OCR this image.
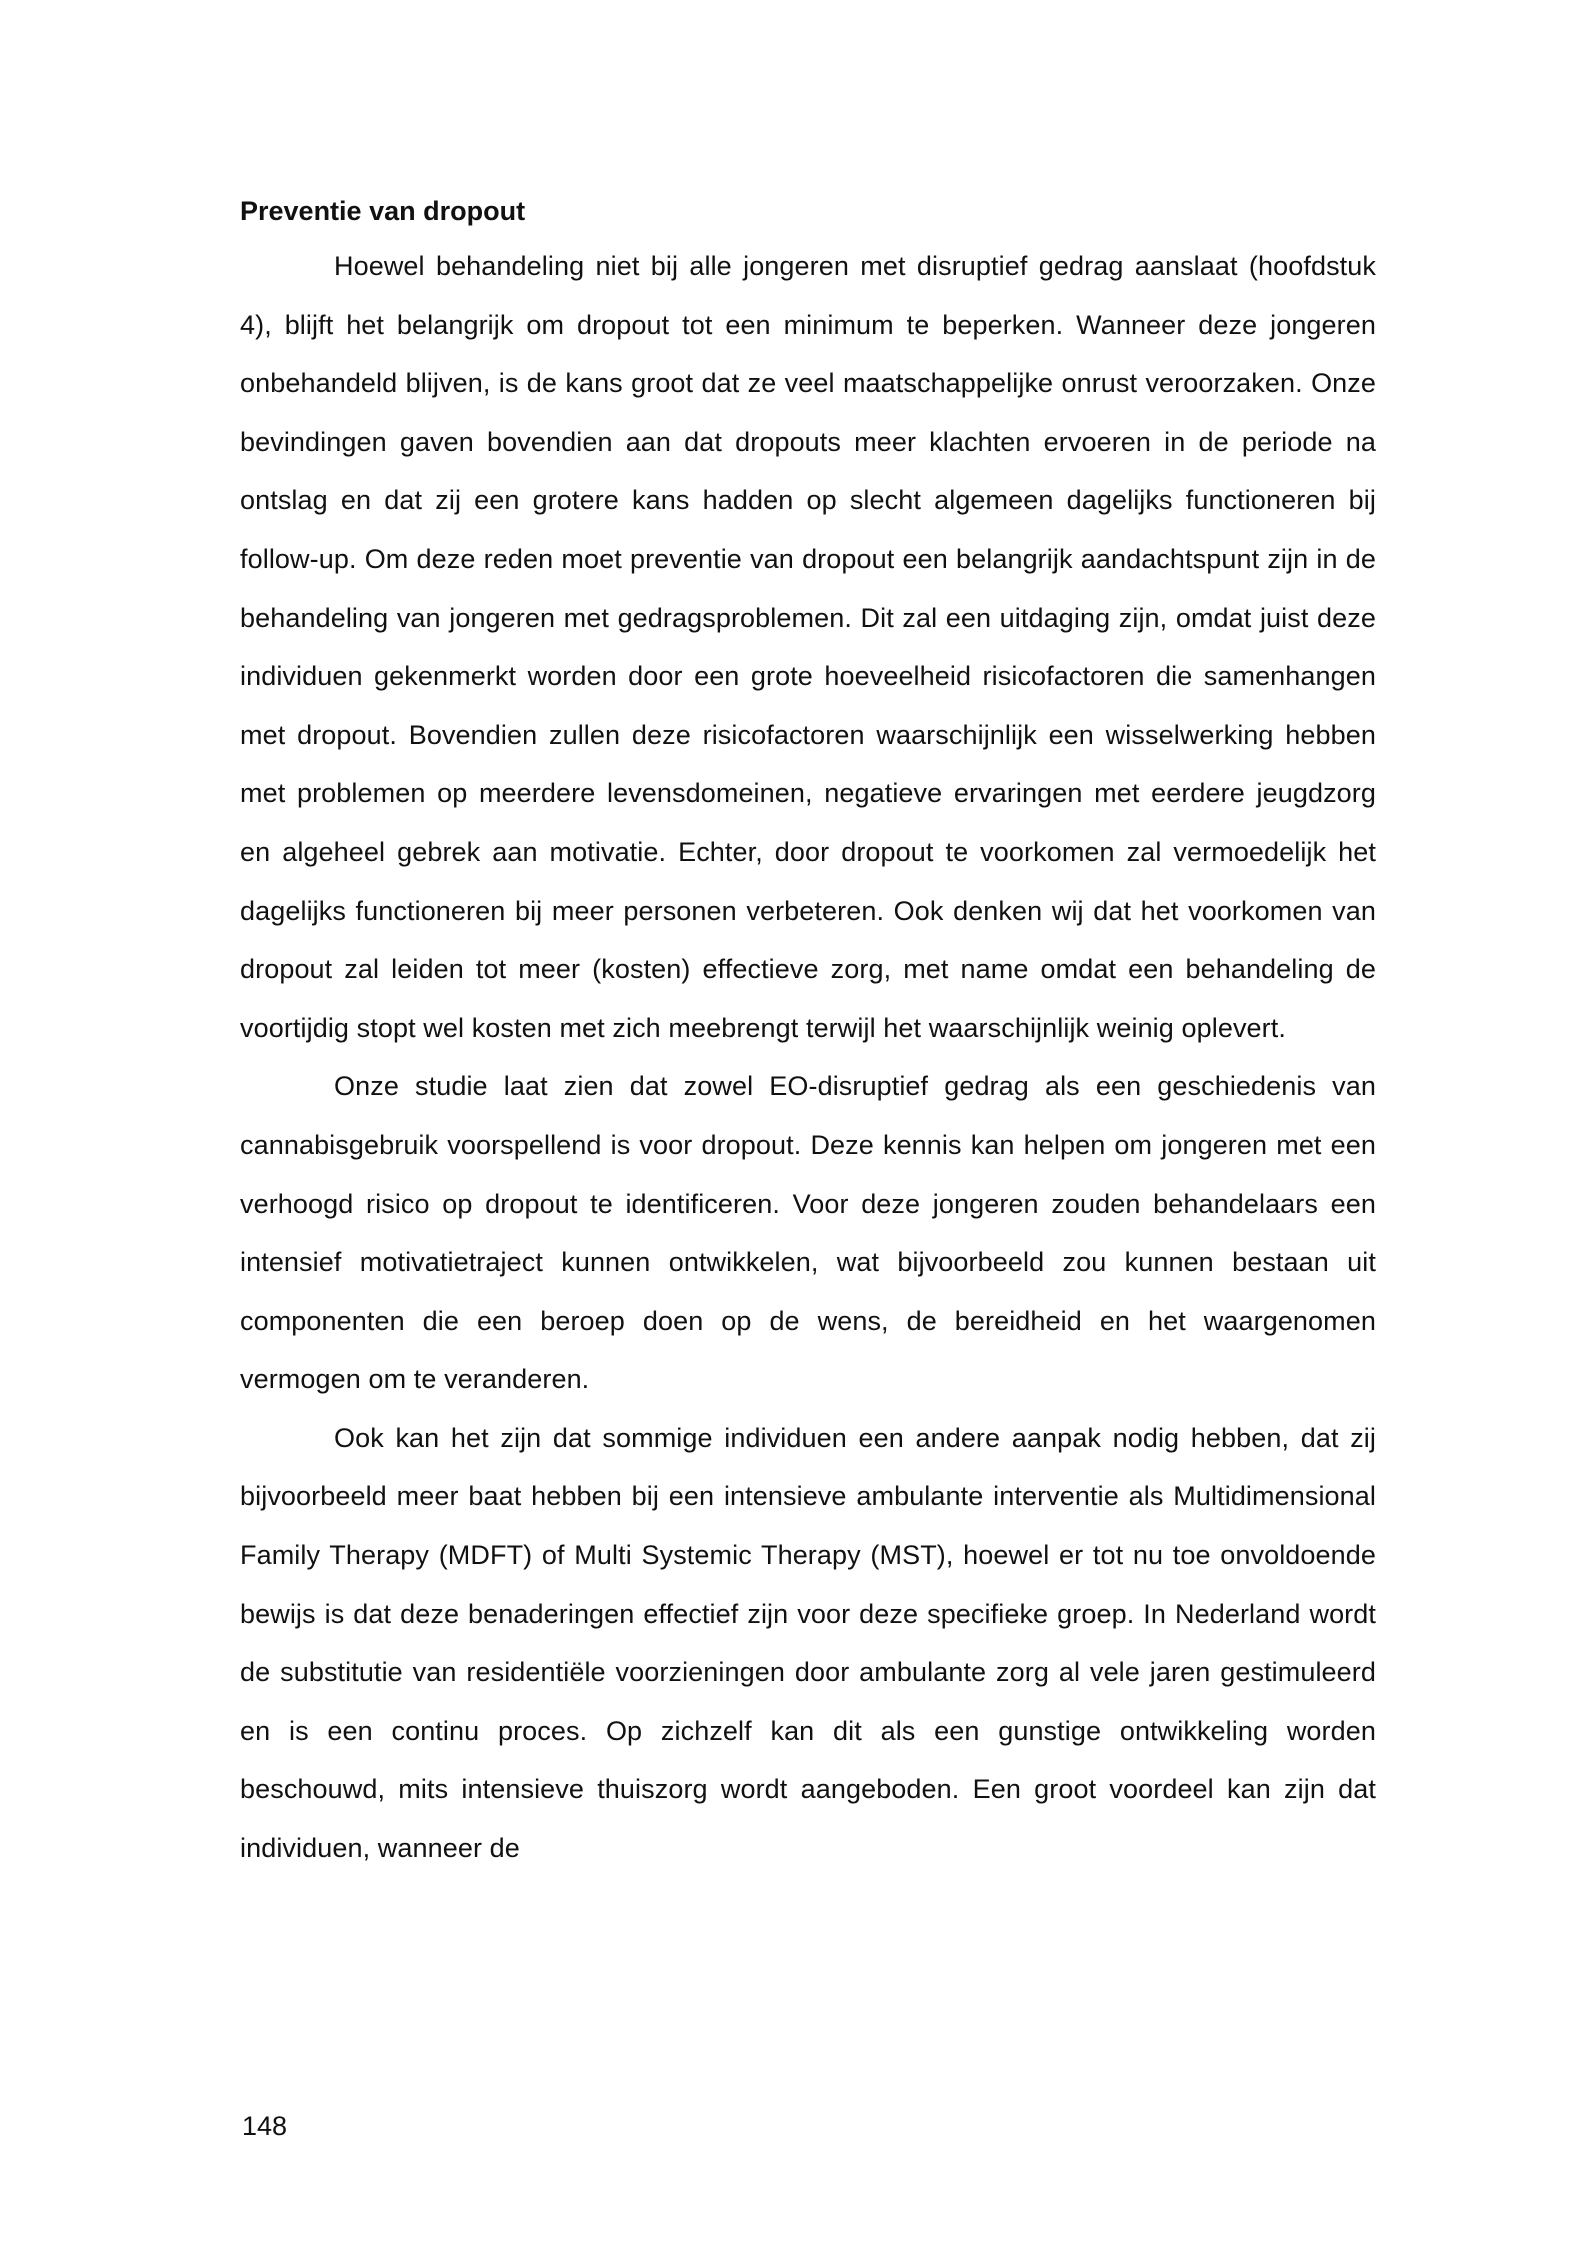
Preventie van dropout

Hoewel behandeling niet bij alle jongeren met disruptief gedrag aanslaat (hoofdstuk 4), blijft het belangrijk om dropout tot een minimum te beperken. Wanneer deze jongeren onbehandeld blijven, is de kans groot dat ze veel maatschappelijke onrust veroorzaken. Onze bevindingen gaven bovendien aan dat dropouts meer klachten ervoeren in de periode na ontslag en dat zij een grotere kans hadden op slecht algemeen dagelijks functioneren bij follow-up. Om deze reden moet preventie van dropout een belangrijk aandachtspunt zijn in de behandeling van jongeren met gedragsproblemen. Dit zal een uitdaging zijn, omdat juist deze individuen gekenmerkt worden door een grote hoeveelheid risicofactoren die samenhangen met dropout. Bovendien zullen deze risicofactoren waarschijnlijk een wisselwerking hebben met problemen op meerdere levensdomeinen, negatieve ervaringen met eerdere jeugdzorg en algeheel gebrek aan motivatie. Echter, door dropout te voorkomen zal vermoedelijk het dagelijks functioneren bij meer personen verbeteren. Ook denken wij dat het voorkomen van dropout zal leiden tot meer (kosten) effectieve zorg, met name omdat een behandeling de voortijdig stopt wel kosten met zich meebrengt terwijl het waarschijnlijk weinig oplevert.

Onze studie laat zien dat zowel EO-disruptief gedrag als een geschiedenis van cannabisgebruik voorspellend is voor dropout. Deze kennis kan helpen om jongeren met een verhoogd risico op dropout te identificeren. Voor deze jongeren zouden behandelaars een intensief motivatietraject kunnen ontwikkelen, wat bijvoorbeeld zou kunnen bestaan uit componenten die een beroep doen op de wens, de bereidheid en het waargenomen vermogen om te veranderen.

Ook kan het zijn dat sommige individuen een andere aanpak nodig hebben, dat zij bijvoorbeeld meer baat hebben bij een intensieve ambulante interventie als Multidimensional Family Therapy (MDFT) of Multi Systemic Therapy (MST), hoewel er tot nu toe onvoldoende bewijs is dat deze benaderingen effectief zijn voor deze specifieke groep. In Nederland wordt de substitutie van residentiële voorzieningen door ambulante zorg al vele jaren gestimuleerd en is een continu proces. Op zichzelf kan dit als een gunstige ontwikkeling worden beschouwd, mits intensieve thuiszorg wordt aangeboden. Een groot voordeel kan zijn dat individuen, wanneer de

148
